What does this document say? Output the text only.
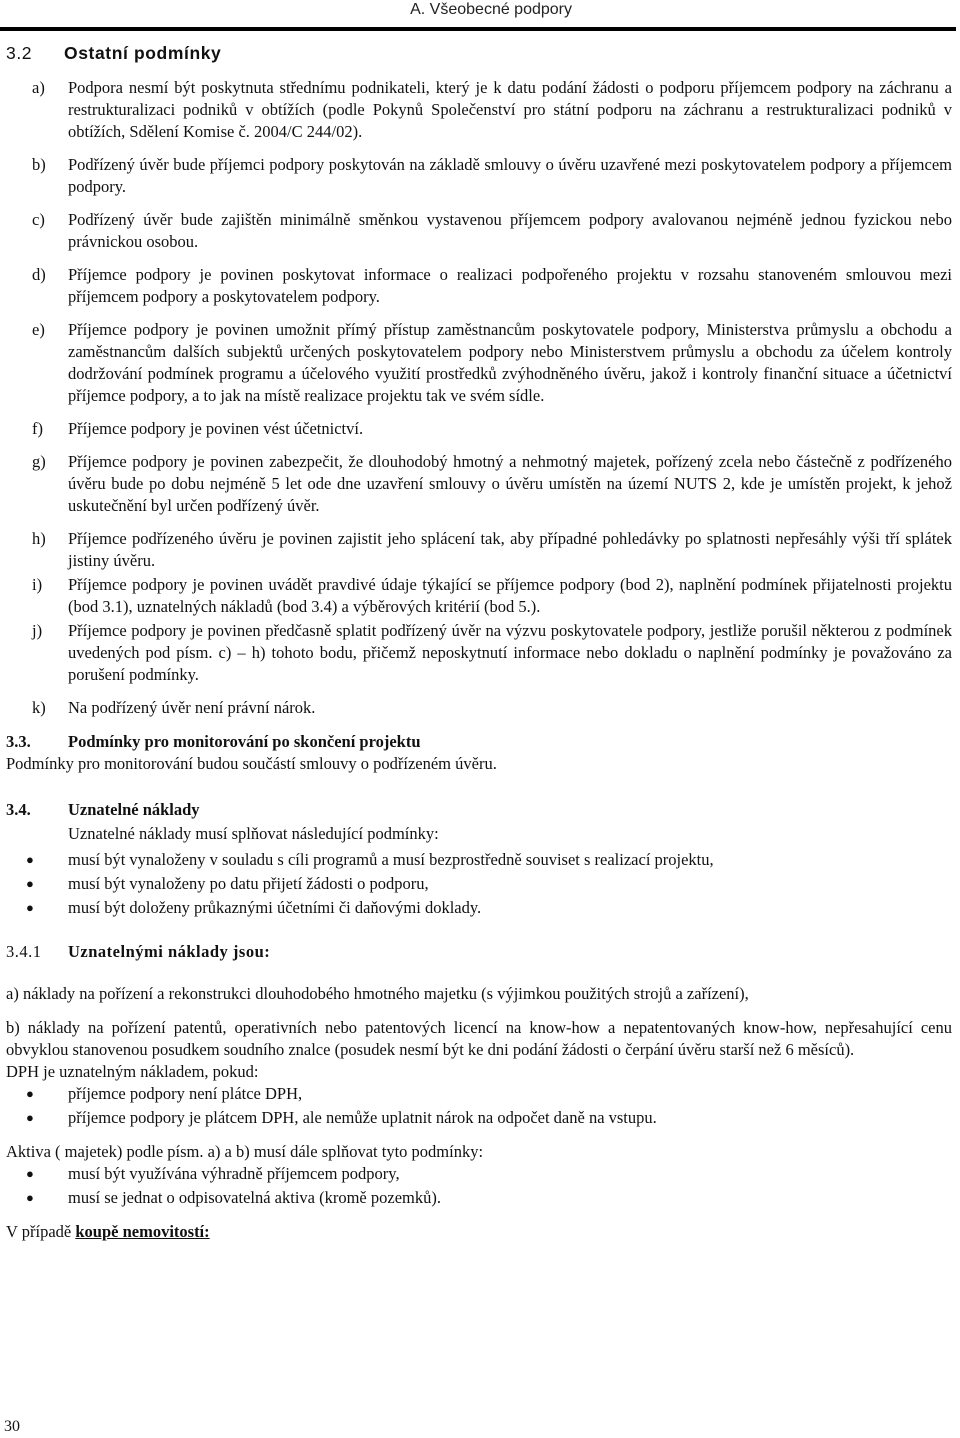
A. Všeobecné podpory
3.2	Ostatní podmínky
a)	Podpora nesmí být poskytnuta střednímu podnikateli, který je k datu podání žádosti o podporu příjemcem podpory na záchranu a restrukturalizaci podniků v obtížích (podle Pokynů Společenství pro státní podporu na záchranu a restrukturalizaci podniků v obtížích, Sdělení Komise č. 2004/C 244/02).
b)	Podřízený úvěr bude příjemci podpory poskytován na základě smlouvy o úvěru uzavřené mezi poskytovatelem podpory a příjemcem podpory.
c)	Podřízený úvěr bude zajištěn minimálně směnkou vystavenou příjemcem podpory avalovanou nejméně jednou fyzickou nebo právnickou osobou.
d)	Příjemce podpory je povinen poskytovat informace o realizaci podpořeného projektu v rozsahu stanoveném smlouvou mezi příjemcem podpory a poskytovatelem podpory.
e)	Příjemce podpory je povinen umožnit přímý přístup zaměstnancům poskytovatele podpory, Ministerstva průmyslu a obchodu a zaměstnancům dalších subjektů určených poskytovatelem podpory nebo Ministerstvem průmyslu a obchodu za účelem kontroly dodržování podmínek programu a účelového využití prostředků zvýhodněného úvěru, jakož i kontroly finanční situace a účetnictví příjemce podpory, a to jak na místě realizace projektu tak ve svém sídle.
f)	Příjemce podpory je povinen vést účetnictví.
g)	Příjemce podpory je povinen zabezpečit, že dlouhodobý hmotný a nehmotný majetek, pořízený zcela nebo částečně z podřízeného úvěru bude po dobu nejméně 5 let ode dne uzavření smlouvy o úvěru umístěn na území NUTS 2, kde je umístěn projekt, k jehož uskutečnění byl určen podřízený úvěr.
h)	Příjemce podřízeného úvěru je povinen zajistit jeho splácení tak, aby případné pohledávky po splatnosti nepřesáhly výši tří splátek jistiny úvěru.
i)	Příjemce podpory je povinen uvádět pravdivé údaje týkající se příjemce podpory (bod 2), naplnění podmínek přijatelnosti projektu (bod 3.1), uznatelných nákladů (bod 3.4) a výběrových kritérií (bod 5.).
j)	Příjemce podpory je povinen předčasně splatit podřízený úvěr na výzvu poskytovatele podpory, jestliže porušil některou z podmínek uvedených pod písm. c) – h) tohoto bodu, přičemž neposkytnutí informace nebo dokladu o naplnění podmínky je považováno za porušení podmínky.
k)	Na podřízený úvěr není právní nárok.
3.3.	Podmínky pro monitorování po skončení projektu

Podmínky pro monitorování budou součástí smlouvy o podřízeném úvěru.

3.4.	Uznatelné náklady

Uznatelné náklady musí splňovat následující podmínky:

●	musí být vynaloženy v souladu s cíli programů a musí bezprostředně souviset s realizací projektu,
●	musí být vynaloženy po datu přijetí žádosti o podporu,
●	musí být doloženy průkaznými účetními či daňovými doklady.
3.4.1	Uznatelnými náklady jsou:

a) náklady na pořízení a rekonstrukci dlouhodobého hmotného majetku (s výjimkou použitých strojů a zařízení),

b) náklady na pořízení patentů, operativních nebo patentových licencí na know-how a nepatentovaných know-how, nepřesahující cenu obvyklou stanovenou posudkem soudního znalce (posudek nesmí být ke dni podání žádosti o čerpání úvěru starší než 6 měsíců).

DPH je uznatelným nákladem, pokud:

●	příjemce podpory není plátce DPH,
●	příjemce podpory je plátcem DPH, ale nemůže uplatnit nárok na odpočet daně na vstupu.

Aktiva ( majetek) podle písm. a) a b) musí dále splňovat tyto podmínky:

●	musí být využívána výhradně příjemcem podpory,
●	musí se jednat o odpisovatelná aktiva (kromě pozemků).

V případě koupě nemovitostí:

30
